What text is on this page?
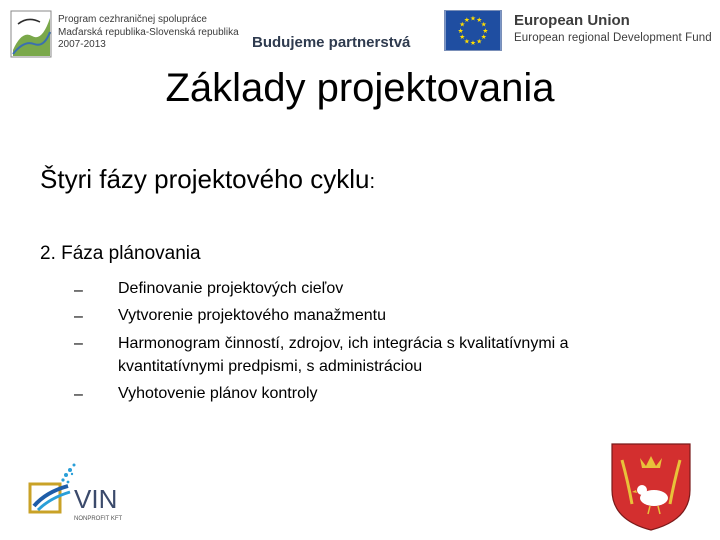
Program cezhraničnej spolupráce
Maďarská republika-Slovenská republika
2007-2013	Budujeme partnerstvá
★
★
★
★
★
★
★
★
★ ★ ★
★ European Union
European regional Development Fund
Základy projektovania
Štyri fázy projektového cyklu:
2. Fáza plánovania
–
–
–
–
Definovanie projektových cieľov
Vytvorenie projektového manažmentu
Harmonogram činností, zdrojov, ich integrácia s kvalitatívnymi a
kvantitatívnymi predpismi, s administráciou
Vyhotovenie plánov kontroly
VIN
NONPROFIT KFT
